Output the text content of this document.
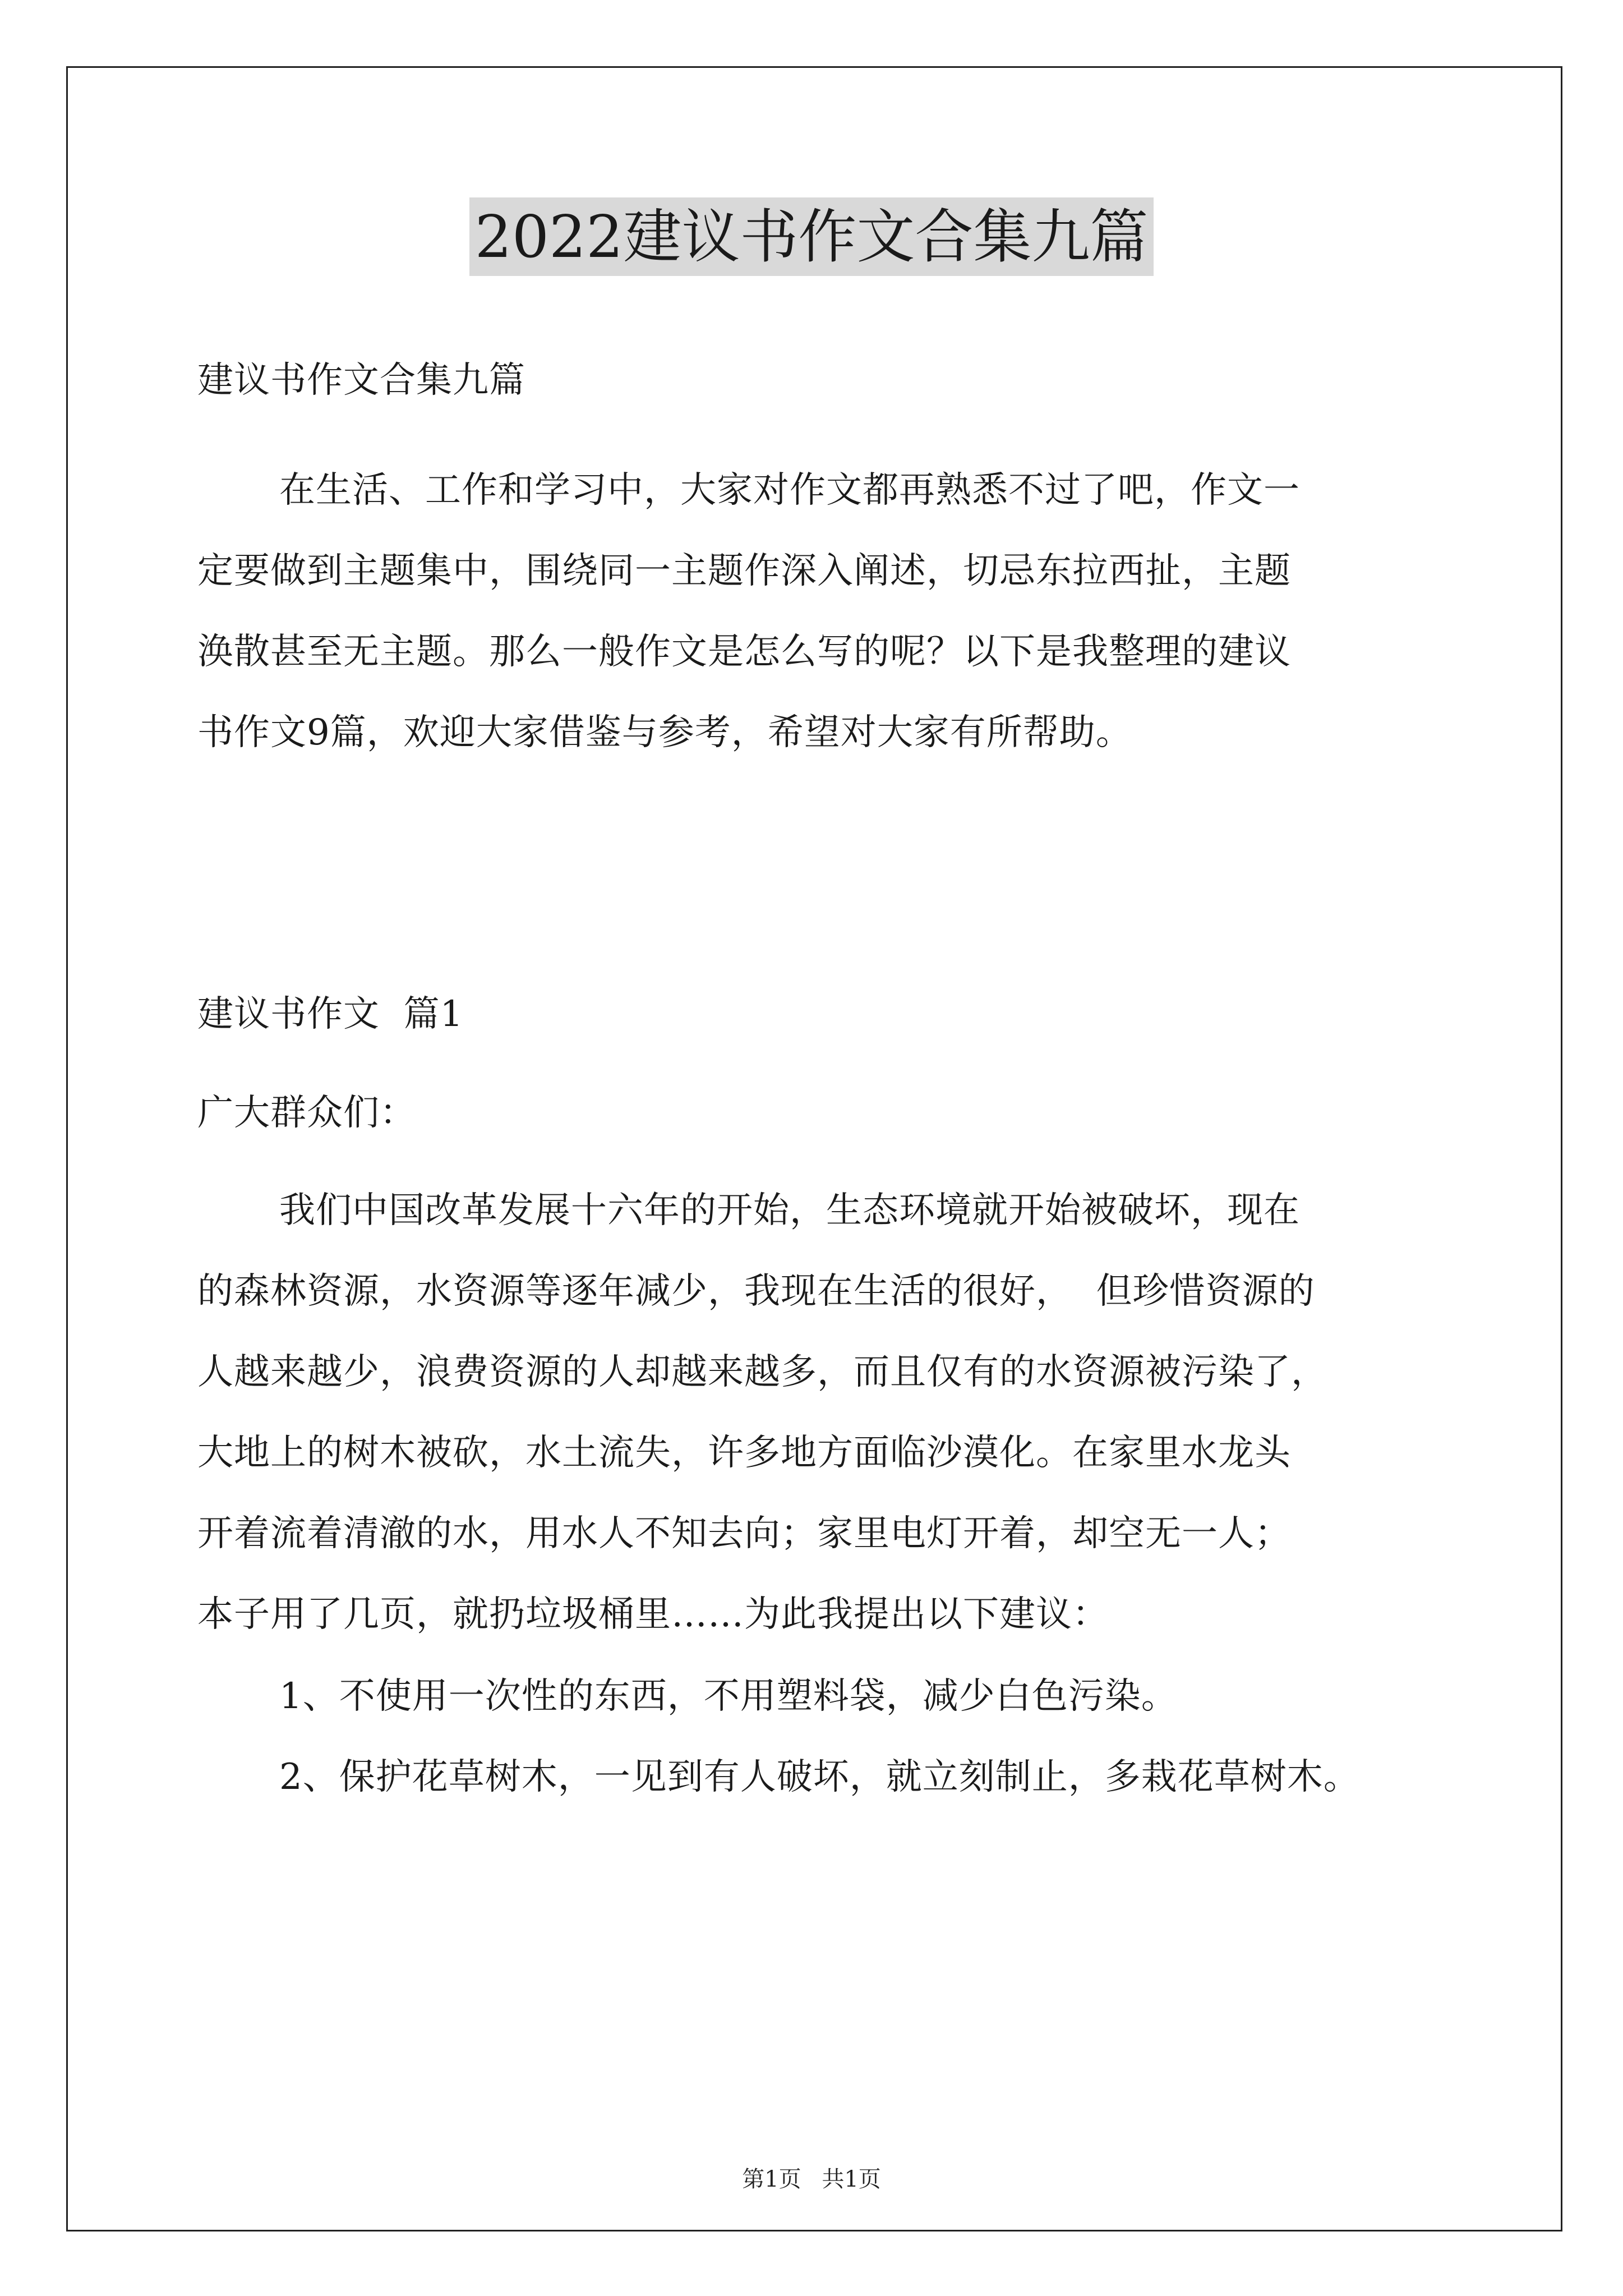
2022建议书作文合集九篇

建议书作文合集九篇

在生活、工作和学习中，大家对作文都再熟悉不过了吧，作文一

定要做到主题集中，围绕同一主题作深入阐述，切忌东拉西扯，主题

涣散甚至无主题。那么一般作文是怎么写的呢？以下是我整理的建议

书作文9篇，欢迎大家借鉴与参考，希望对大家有所帮助。

建议书作文  篇1

广大群众们：

我们中国改革发展十六年的开始，生态环境就开始被破坏，现在

的森林资源，水资源等逐年减少，我现在生活的很好，  但珍惜资源的

人越来越少，浪费资源的人却越来越多，而且仅有的水资源被污染了，

大地上的树木被砍，水土流失，许多地方面临沙漠化。在家里水龙头

开着流着清澈的水，用水人不知去向；家里电灯开着，却空无一人；

本子用了几页，就扔垃圾桶里……为此我提出以下建议：

1、不使用一次性的东西，不用塑料袋，减少白色污染。

2、保护花草树木，一见到有人破坏，就立刻制止，多栽花草树木。

第1页 共1页
